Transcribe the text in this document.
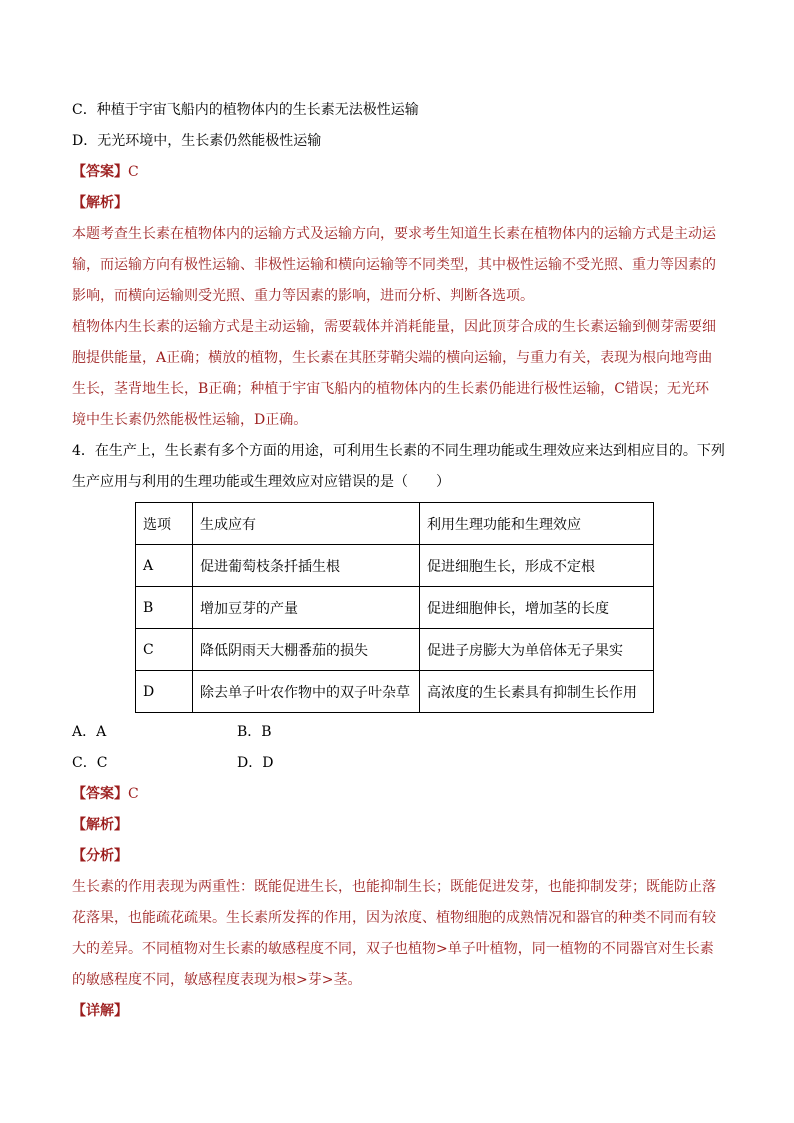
C．种植于宇宙飞船内的植物体内的生长素无法极性运输
D．无光环境中，生长素仍然能极性运输
【答案】C
【解析】

本题考查生长素在植物体内的运输方式及运输方向，要求考生知道生长素在植物体内的运输方式是主动运输，而运输方向有极性运输、非极性运输和横向运输等不同类型，其中极性运输不受光照、重力等因素的影响，而横向运输则受光照、重力等因素的影响，进而分析、判断各选项。

植物体内生长素的运输方式是主动运输，需要载体并消耗能量，因此顶芽合成的生长素运输到侧芽需要细胞提供能量，A正确；横放的植物，生长素在其胚芽鞘尖端的横向运输，与重力有关，表现为根向地弯曲生长，茎背地生长，B正确；种植于宇宙飞船内的植物体内的生长素仍能进行极性运输，C错误；无光环境中生长素仍然能极性运输，D正确。

4．在生产上，生长素有多个方面的用途，可利用生长素的不同生理功能或生理效应来达到相应目的。下列
生产应用与利用的生理功能或生理效应对应错误的是（　　）
选项	生成应有	利用生理功能和生理效应
A	促进葡萄枝条扦插生根	促进细胞生长，形成不定根
B	增加豆芽的产量	促进细胞伸长，增加茎的长度
C	降低阴雨天大棚番茄的损失	促进子房膨大为单倍体无子果实
D	除去单子叶农作物中的双子叶杂草	高浓度的生长素具有抑制生长作用
A．A	B．B
C．C	D．D
【答案】C
【解析】
【分析】

生长素的作用表现为两重性：既能促进生长，也能抑制生长；既能促进发芽，也能抑制发芽；既能防止落花落果，也能疏花疏果。生长素所发挥的作用，因为浓度、植物细胞的成熟情况和器官的种类不同而有较大的差异。不同植物对生长素的敏感程度不同，双子也植物>单子叶植物，同一植物的不同器官对生长素的敏感程度不同，敏感程度表现为根>芽>茎。

【详解】
